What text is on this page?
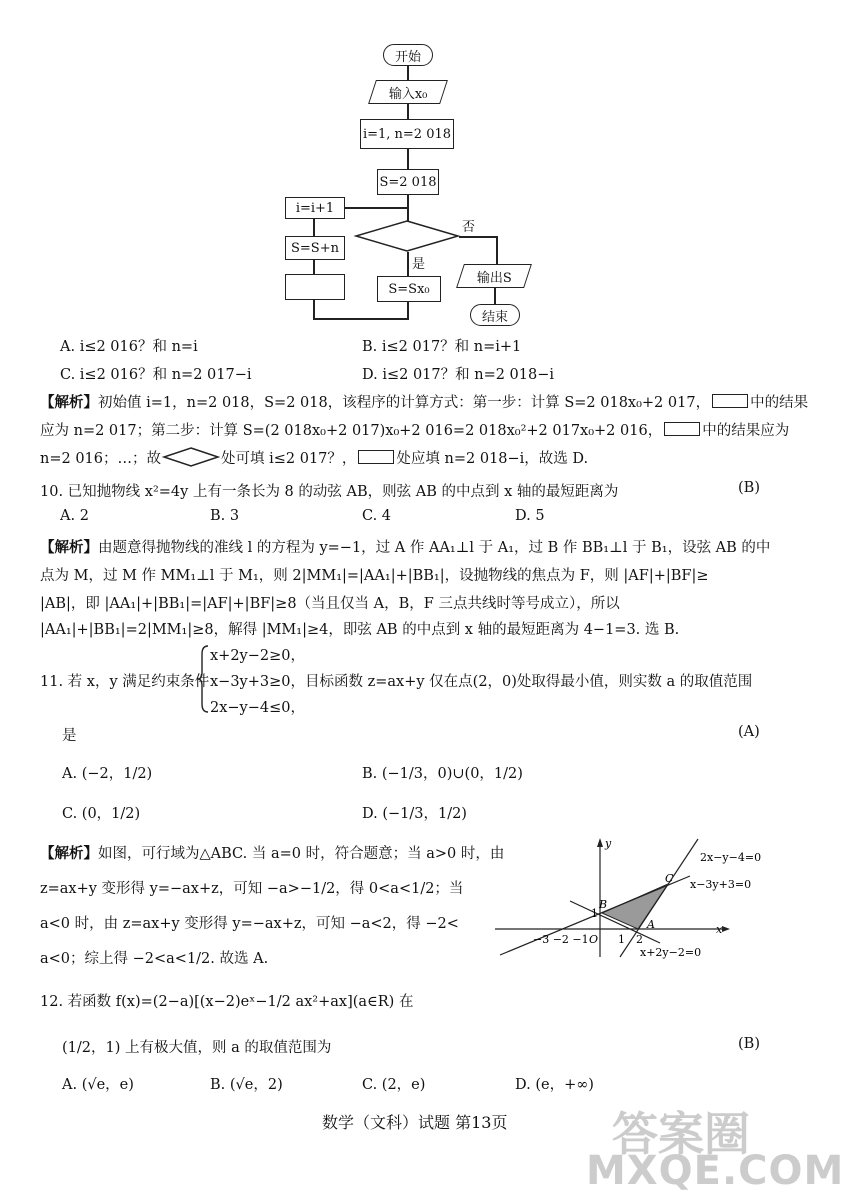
开始
输入x₀
i=1, n=2 018
S=2 018
i=i+1
否
输出S
结束
是
S=Sx₀
S=S+n
A. i≤2 016？和 n=i	B. i≤2 017？和 n=i+1
C. i≤2 016？和 n=2 017−i	D. i≤2 017？和 n=2 018−i
【解析】初始值 i=1，n=2 018，S=2 018，该程序的计算方式：第一步：计算 S=2 018x₀+2 017，	中的结果
应为 n=2 017；第二步：计算 S=(2 018x₀+2 017)x₀+2 016=2 018x₀²+2 017x₀+2 016，	中的结果应为
n=2 016；…；故	处可填 i≤2 017？，	处应填 n=2 018−i，故选 D.
10. 已知抛物线 x²=4y 上有一条长为 8 的动弦 AB，则弦 AB 的中点到 x 轴的最短距离为	(B)
A. 2	B. 3	C. 4	D. 5
【解析】由题意得抛物线的准线 l 的方程为 y=−1，过 A 作 AA₁⊥l 于 A₁，过 B 作 BB₁⊥l 于 B₁，设弦 AB 的中
点为 M，过 M 作 MM₁⊥l 于 M₁，则 2|MM₁|=|AA₁|+|BB₁|，设抛物线的焦点为 F，则 |AF|+|BF|≥
|AB|，即 |AA₁|+|BB₁|=|AF|+|BF|≥8（当且仅当 A，B，F 三点共线时等号成立），所以
|AA₁|+|BB₁|=2|MM₁|≥8，解得 |MM₁|≥4，即弦 AB 的中点到 x 轴的最短距离为 4−1=3. 选 B.
11. 若 x，y 满足约束条件
x+2y−2≥0，
x−3y+3≥0，目标函数 z=ax+y 仅在点(2，0)处取得最小值，则实数 a 的取值范围
2x−y−4≤0，
是	(A)
A. (−2，1/2)	B. (−1/3，0)∪(0，1/2)
C. (0，1/2)	D. (−1/3，1/2)
【解析】如图，可行域为△ABC. 当 a=0 时，符合题意；当 a>0 时，由
z=ax+y 变形得 y=−ax+z，可知 −a>−1/2，得 0<a<1/2；当
a<0 时，由 z=ax+y 变形得 y=−ax+z，可知 −a<2，得 −2<
a<0；综上得 −2<a<1/2. 故选 A.
2x−y−4=0
x−3y+3=0
x+2y−2=0
x
y
O
A
B
C
−3 −2 −1	1 2
1
12. 若函数 f(x)=(2−a)[(x−2)eˣ−1/2 ax²+ax](a∈R) 在
(1/2，1) 上有极大值，则 a 的取值范围为	(B)
A. (√e，e)	B. (√e，2)	C. (2，e)	D. (e，+∞)
数学（文科）试题 第13页 答案圈
MXQE.COM
